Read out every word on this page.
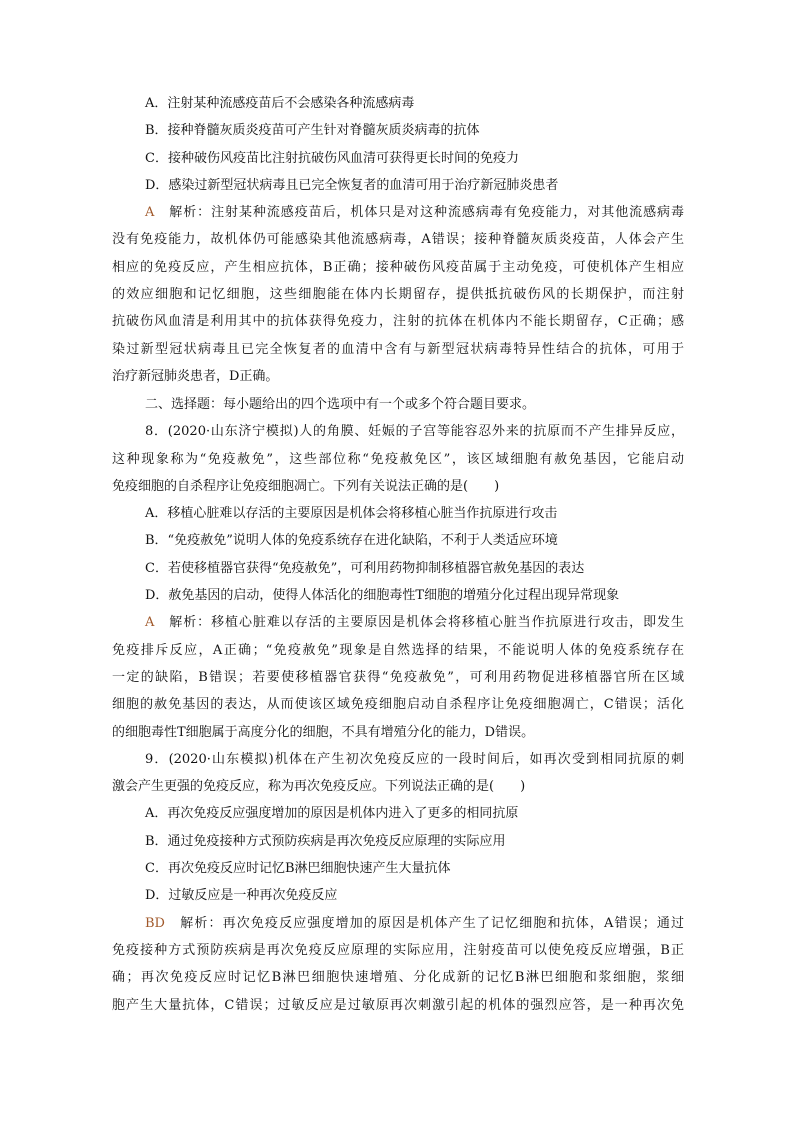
A．注射某种流感疫苗后不会感染各种流感病毒
B．接种脊髓灰质炎疫苗可产生针对脊髓灰质炎病毒的抗体
C．接种破伤风疫苗比注射抗破伤风血清可获得更长时间的免疫力
D．感染过新型冠状病毒且已完全恢复者的血清可用于治疗新冠肺炎患者
A　 解析：注射某种流感疫苗后，机体只是对这种流感病毒有免疫能力，对其他流感病毒
没有免疫能力，故机体仍可能感染其他流感病毒，A错误；接种脊髓灰质炎疫苗，人体会产生
相应的免疫反应，产生相应抗体，B正确；接种破伤风疫苗属于主动免疫，可使机体产生相应
的效应细胞和记忆细胞，这些细胞能在体内长期留存，提供抵抗破伤风的长期保护，而注射
抗破伤风血清是利用其中的抗体获得免疫力，注射的抗体在机体内不能长期留存，C正确；感
染过新型冠状病毒且已完全恢复者的血清中含有与新型冠状病毒特异性结合的抗体，可用于
治疗新冠肺炎患者，D正确。
二、选择题：每小题给出的四个选项中有一个或多个符合题目要求。
8．(2020·山东济宁模拟)人的角膜、妊娠的子宫等能容忍外来的抗原而不产生排异反应，
这种现象称为“免疫赦免”，这些部位称“免疫赦免区”，该区域细胞有赦免基因，它能启动
免疫细胞的自杀程序让免疫细胞凋亡。下列有关说法正确的是(　　)
A．移植心脏难以存活的主要原因是机体会将移植心脏当作抗原进行攻击
B．“免疫赦免”说明人体的免疫系统存在进化缺陷，不利于人类适应环境
C．若使移植器官获得“免疫赦免”，可利用药物抑制移植器官赦免基因的表达
D．赦免基因的启动，使得人体活化的细胞毒性T细胞的增殖分化过程出现异常现象
A　 解析：移植心脏难以存活的主要原因是机体会将移植心脏当作抗原进行攻击，即发生
免疫排斥反应，A正确；“免疫赦免”现象是自然选择的结果，不能说明人体的免疫系统存在
一定的缺陷，B错误；若要使移植器官获得“免疫赦免”，可利用药物促进移植器官所在区域
细胞的赦免基因的表达，从而使该区域免疫细胞启动自杀程序让免疫细胞凋亡，C错误；活化
的细胞毒性T细胞属于高度分化的细胞，不具有增殖分化的能力，D错误。
9．(2020·山东模拟)机体在产生初次免疫反应的一段时间后，如再次受到相同抗原的刺
激会产生更强的免疫反应，称为再次免疫反应。下列说法正确的是(　　)
A．再次免疫反应强度增加的原因是机体内进入了更多的相同抗原
B．通过免疫接种方式预防疾病是再次免疫反应原理的实际应用
C．再次免疫反应时记忆B淋巴细胞快速产生大量抗体
D．过敏反应是一种再次免疫反应
BD　 解析：再次免疫反应强度增加的原因是机体产生了记忆细胞和抗体，A错误；通过
免疫接种方式预防疾病是再次免疫反应原理的实际应用，注射疫苗可以使免疫反应增强，B正
确；再次免疫反应时记忆B淋巴细胞快速增殖、分化成新的记忆B淋巴细胞和浆细胞，浆细
胞产生大量抗体，C错误；过敏反应是过敏原再次刺激引起的机体的强烈应答，是一种再次免
